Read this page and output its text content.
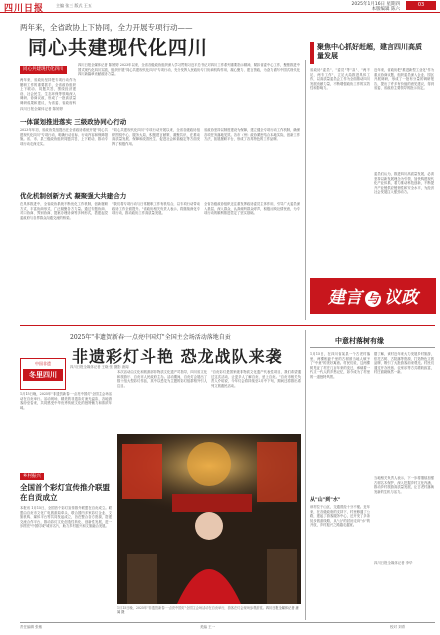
四川日报	主编 张三 版式 王五	2025年1月16日 星期四
本版编辑 陈六
03
两年来，全省政协上下协同，全力开展专项行动——
同心共建现代化四川
同心共建现代化四川
四川日报全媒体记者 陈婷婷 2023年以来，全省各级政协组织深入学习贯彻习近平总书记对四川工作系列重要指示精神，紧扣省委中心工作，聚焦推进中国式现代化四川实践，组织开展"同心共建现代化四川"专项行动，充分发挥人民政协专门协商机构作用，凝心聚力、建言资政，为奋力谱写中国式现代化四川新篇章贡献政协力量。
两年来，省政协坚持把专项行动作为履职工作的重要抓手，全省政协组织上下联动、同题共答，围绕经济建设、社会民生、生态环保等领域深入调研、协商议政，形成了一批高质量调研成果和建议，为省委、省政府科
四川日报全媒体记者 陈婷婷
一体谋划推进落实 三级政协同心行动
2023年年初，省政协党组提出在全省政协系统开展"同心共建现代化四川"专项行动，明确行动目标、行动内容和保障措施。省、市、县三级政协组织同题共答，上下联动，推动专项行动走深走实。
"同心共建现代化四川"专项行动开展以来，全省各级政协组织围绕中心、服务大局，积极建言献策、凝聚共识，在推动高质量发展、保障和改善民生、促进社会和谐稳定等方面发挥了积极作用。
省政协坚持以制度建设为保障，建立健全专项行动工作机制，确保各项任务落地见效。各市（州）政协紧密结合本地实际，创新工作方法，拓展履职平台，形成了各具特色的工作品牌。
优化机制创新方式 凝聚强大共建合力
在具体推进中，全省政协系统不断优化工作机制，创新履职方式，丰富协商形式，广泛凝聚各方力量。通过专题协商、对口协商、界别协商、提案办理协商等多种形式，搭建起党委政府与各界群众沟通交流的桥梁。
"我们将专项行动与日常履职工作有机结合，以专项行动带动政协工作全面提升。"省政协相关负责人表示，将继续深化专项行动，推动政协工作高质量发展。
全省各级政协组织还注重发挥政协委员主体作用，引导广大委员深入基层、深入群众，认真倾听群众呼声，积极反映社情民意，为专项行动的顺利推进奠定了坚实基础。
聚焦中心抓好赶超，建言四川高质量发展
省政协"委员"、"委员"等"双"、"两不足、两专工作"，立足大局推进具体工作，以高质量委员会工作为全面推动四川发展贡献力量，不断增强政协工作的实效性和影响力。
近年来，省政协把"推进新型工业化"作为重点协商议题，组织委员深入企业、园区开展调研，形成了一批有分量的调研报告，提出了许多有价值的意见建议，得到省委、省政府主要领导的批示肯定。
委员们认为，推进四川高质量发展，必须坚持以新发展理念为引领，加快构建现代化产业体系，着力推动科技创新，不断提升产业链供应链韧性和安全水平，为经济社会发展注入强劲动力。
建言 与 议政
2025年"非遗贺新春·一点亮中国灯"全国主会场活动落地自贡
非遗彩灯斗艳 恐龙战队来袭
中国非遗
冬里四川
四川日报全媒体记者 王晓 张 摄影 唐闻
1月15日晚，2025年"非遗贺新春·一点亮中国灯"全国主会场活动在自贡举行。活动现场，精美的非遗彩灯流光溢彩，各地游客纷至沓来，共同感受中华优秀传统文化的独特魅力和浓浓年味。
本次活动由文化和旅游部非物质文化遗产司指导，四川省文化和旅游厅、自贡市人民政府主办。活动期间，自贡灯会展出了数十组大型彩灯作品，其中以恐龙为主题的彩灯组群格外引人注目。
"自贡彩灯是国家级非物质文化遗产代表性项目，我们希望通过这次活动，让更多人了解自贡、爱上自贡。"自贡市相关负责人介绍说，今年灯会将持续至2月中下旬，期间还将推出系列文旅惠民活动。
乡村振兴
全国首个彩灯宣传推介联盟在自贡成立
本报讯 1月15日，全国首个彩灯宣传推介联盟在自贡成立。联盟由自贡市文化广电旅游局牵头，联合国内多家彩灯企业、文旅机构、媒体平台等共同发起成立，旨在整合各方资源，搭建交流合作平台，推动彩灯文化创造性转化、创新性发展，进一步擦亮"中国灯城"城市名片，助力乡村振兴和文旅融合发展。
1月15日晚，2025年"非遗贺新春·一点亮中国灯"全国主会场活动在自贡举行，游客在灯会现场参观游览。四川日报全媒体记者 唐闻 摄
中意村落树有缘
1月15日，在四川省某县一个古老村落里，两棵相距千里的古树被当地人赋予了"中意"的美好寓意。村民们说，这两棵树见证了村庄几百年来的变迁，承载着一代又一代人的乡愁记忆，如今成为了村里的一道独特风景。
据了解，该村近年来大力发展乡村旅游，依托古树、古院落等资源，打造特色文旅品牌，吸引了大批游客前来观光。村民们通过开办民宿、农家乐等方式增收致富，村庄面貌焕然一新。
当地相关负责人表示，下一步将继续加强古树名木保护，深入挖掘乡村文化内涵，推动乡村旅游高质量发展，让古老村落焕发新的生机与活力。
从"山"到"水"
该村位于山区，交通曾经十分不便。近年来，在各级政府的支持下，村里修通了公路，建起了游客服务中心，还开发了多条徒步旅游线路，从"山"的封闭走向"水"的开放，乡村振兴之路越走越宽。
四川日报全媒体记者 李华
责任编辑 张敏	美编 王一	校对 刘青
